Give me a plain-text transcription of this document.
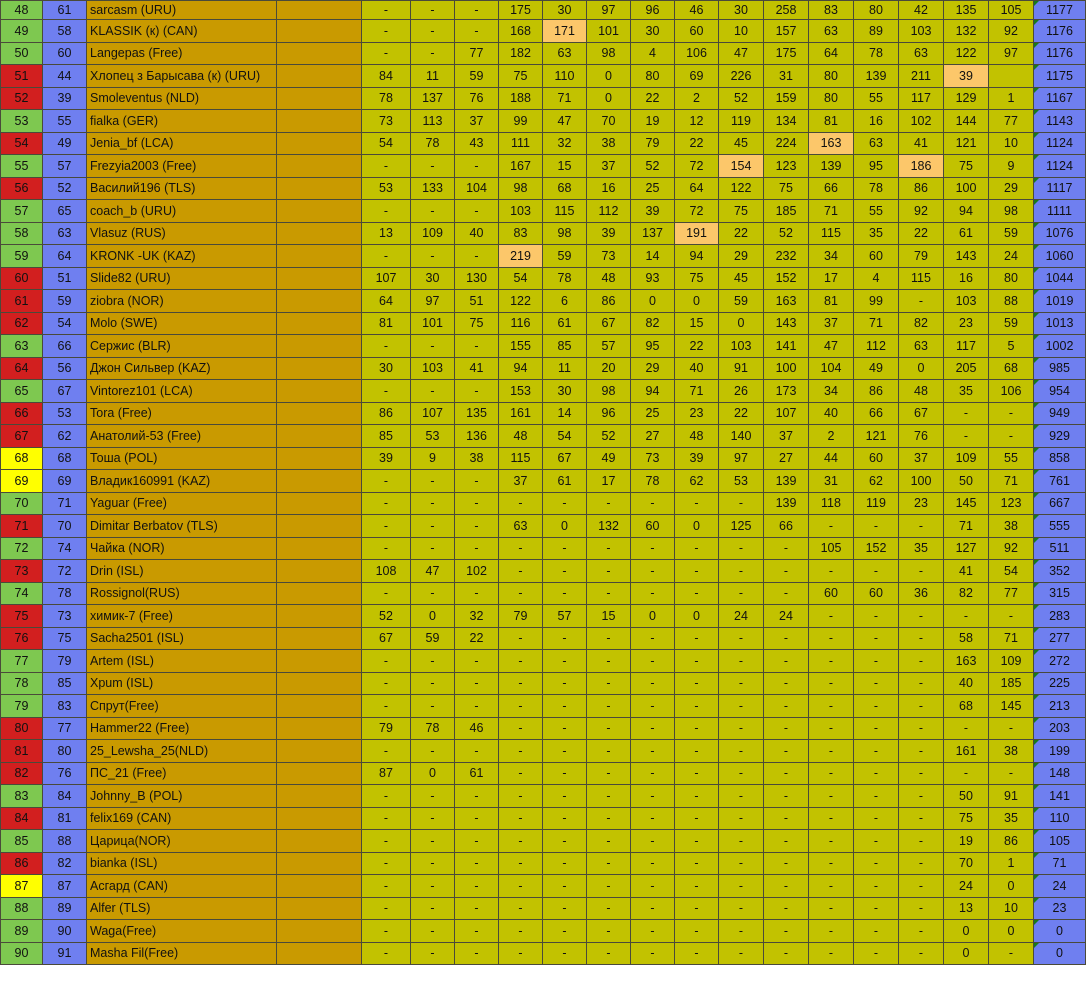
48	61	sarcasm (URU)		-	-	-	175	30	97	96	46	30	258	83	80	42	135	105	1177
49	58	KLASSIK (к) (CAN)		-	-	-	168	171	101	30	60	10	157	63	89	103	132	92	1176
50	60	Langepas (Free)		-	-	77	182	63	98	4	106	47	175	64	78	63	122	97	1176
51	44	Хлопец з Барысава (к) (URU)		84	11	59	75	110	0	80	69	226	31	80	139	211	39		1175
52	39	Smoleventus (NLD)		78	137	76	188	71	0	22	2	52	159	80	55	117	129	1	1167
53	55	fialka (GER)		73	113	37	99	47	70	19	12	119	134	81	16	102	144	77	1143
54	49	Jenia_bf (LCA)		54	78	43	111	32	38	79	22	45	224	163	63	41	121	10	1124
55	57	Frezyia2003 (Free)		-	-	-	167	15	37	52	72	154	123	139	95	186	75	9	1124
56	52	Василий196 (TLS)		53	133	104	98	68	16	25	64	122	75	66	78	86	100	29	1117
57	65	coach_b (URU)		-	-	-	103	115	112	39	72	75	185	71	55	92	94	98	1111
58	63	Vlasuz (RUS)		13	109	40	83	98	39	137	191	22	52	115	35	22	61	59	1076
59	64	KRONK -UK (KAZ)		-	-	-	219	59	73	14	94	29	232	34	60	79	143	24	1060
60	51	Slide82 (URU)		107	30	130	54	78	48	93	75	45	152	17	4	115	16	80	1044
61	59	ziobra (NOR)		64	97	51	122	6	86	0	0	59	163	81	99	-	103	88	1019
62	54	Molo (SWE)		81	101	75	116	61	67	82	15	0	143	37	71	82	23	59	1013
63	66	Сержис (BLR)		-	-	-	155	85	57	95	22	103	141	47	112	63	117	5	1002
64	56	Джон Сильвер (KAZ)		30	103	41	94	11	20	29	40	91	100	104	49	0	205	68	985
65	67	Vintorez101 (LCA)		-	-	-	153	30	98	94	71	26	173	34	86	48	35	106	954
66	53	Tora (Free)		86	107	135	161	14	96	25	23	22	107	40	66	67	-	-	949
67	62	Анатолий-53 (Free)		85	53	136	48	54	52	27	48	140	37	2	121	76	-	-	929
68	68	Тоша (POL)		39	9	38	115	67	49	73	39	97	27	44	60	37	109	55	858
69	69	Владик160991 (KAZ)		-	-	-	37	61	17	78	62	53	139	31	62	100	50	71	761
70	71	Yaguar (Free)		-	-	-	-	-	-	-	-	-	139	118	119	23	145	123	667
71	70	Dimitar Berbatov (TLS)		-	-	-	63	0	132	60	0	125	66	-	-	-	71	38	555
72	74	Чайка (NOR)		-	-	-	-	-	-	-	-	-	-	105	152	35	127	92	511
73	72	Drin (ISL)		108	47	102	-	-	-	-	-	-	-	-	-	-	41	54	352
74	78	Rossignol(RUS)		-	-	-	-	-	-	-	-	-	-	60	60	36	82	77	315
75	73	химик-7 (Free)		52	0	32	79	57	15	0	0	24	24	-	-	-	-	-	283
76	75	Sacha2501 (ISL)		67	59	22	-	-	-	-	-	-	-	-	-	-	58	71	277
77	79	Artem (ISL)		-	-	-	-	-	-	-	-	-	-	-	-	-	163	109	272
78	85	Xpum (ISL)		-	-	-	-	-	-	-	-	-	-	-	-	-	40	185	225
79	83	Спрут(Free)		-	-	-	-	-	-	-	-	-	-	-	-	-	68	145	213
80	77	Hammer22 (Free)		79	78	46	-	-	-	-	-	-	-	-	-	-	-	-	203
81	80	25_Lewsha_25(NLD)		-	-	-	-	-	-	-	-	-	-	-	-	-	161	38	199
82	76	ПС_21 (Free)		87	0	61	-	-	-	-	-	-	-	-	-	-	-	-	148
83	84	Johnny_B (POL)		-	-	-	-	-	-	-	-	-	-	-	-	-	50	91	141
84	81	felix169 (CAN)		-	-	-	-	-	-	-	-	-	-	-	-	-	75	35	110
85	88	Царица(NOR)		-	-	-	-	-	-	-	-	-	-	-	-	-	19	86	105
86	82	bianka (ISL)		-	-	-	-	-	-	-	-	-	-	-	-	-	70	1	71
87	87	Асгард (CAN)		-	-	-	-	-	-	-	-	-	-	-	-	-	24	0	24
88	89	Alfer (TLS)		-	-	-	-	-	-	-	-	-	-	-	-	-	13	10	23
89	90	Waga(Free)		-	-	-	-	-	-	-	-	-	-	-	-	-	0	0	0
90	91	Masha Fil(Free)		-	-	-	-	-	-	-	-	-	-	-	-	-	0	-	0
